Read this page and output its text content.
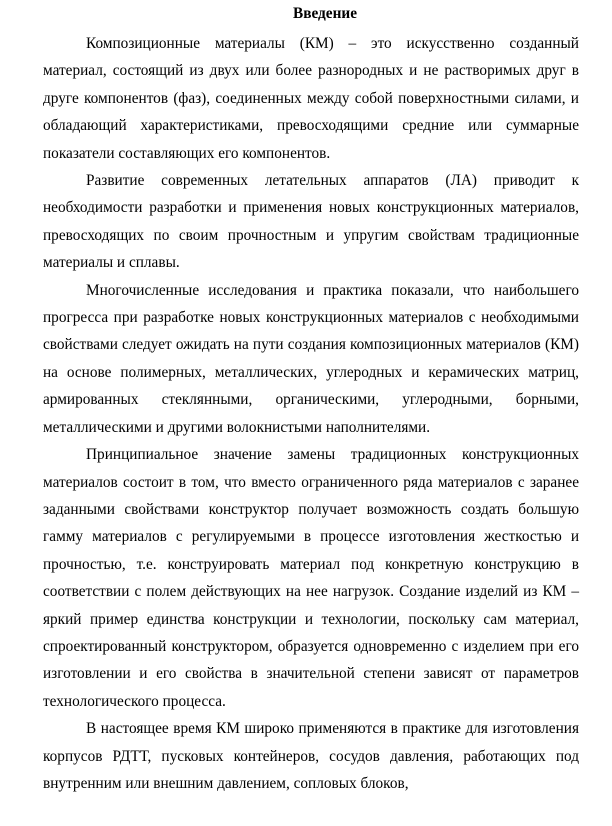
Введение

Композиционные материалы (КМ) – это искусственно созданный материал, состоящий из двух или более разнородных и не растворимых друг в друге компонентов (фаз), соединенных между собой поверхностными силами, и обладающий характеристиками, превосходящими средние или суммарные показатели составляющих его компонентов.

Развитие современных летательных аппаратов (ЛА) приводит к необходимости разработки и применения новых конструкционных материалов, превосходящих по своим прочностным и упругим свойствам традиционные материалы и сплавы.

Многочисленные исследования и практика показали, что наибольшего прогресса при разработке новых конструкционных материалов с необходимыми свойствами следует ожидать на пути создания композиционных материалов (КМ) на основе полимерных, металлических, углеродных и керамических матриц, армированных стеклянными, органическими, углеродными, борными, металлическими и другими волокнистыми наполнителями.

Принципиальное значение замены традиционных конструкционных материалов состоит в том, что вместо ограниченного ряда материалов с заранее заданными свойствами конструктор получает возможность создать большую гамму материалов с регулируемыми в процессе изготовления жесткостью и прочностью, т.е. конструировать материал под конкретную конструкцию в соответствии с полем действующих на нее нагрузок. Создание изделий из КМ – яркий пример единства конструкции и технологии, поскольку сам материал, спроектированный конструктором, образуется одновременно с изделием при его изготовлении и его свойства в значительной степени зависят от параметров технологического процесса.

В настоящее время КМ широко применяются в практике для изготовления корпусов РДТТ, пусковых контейнеров, сосудов давления, работающих под внутренним или внешним давлением, сопловых блоков,
